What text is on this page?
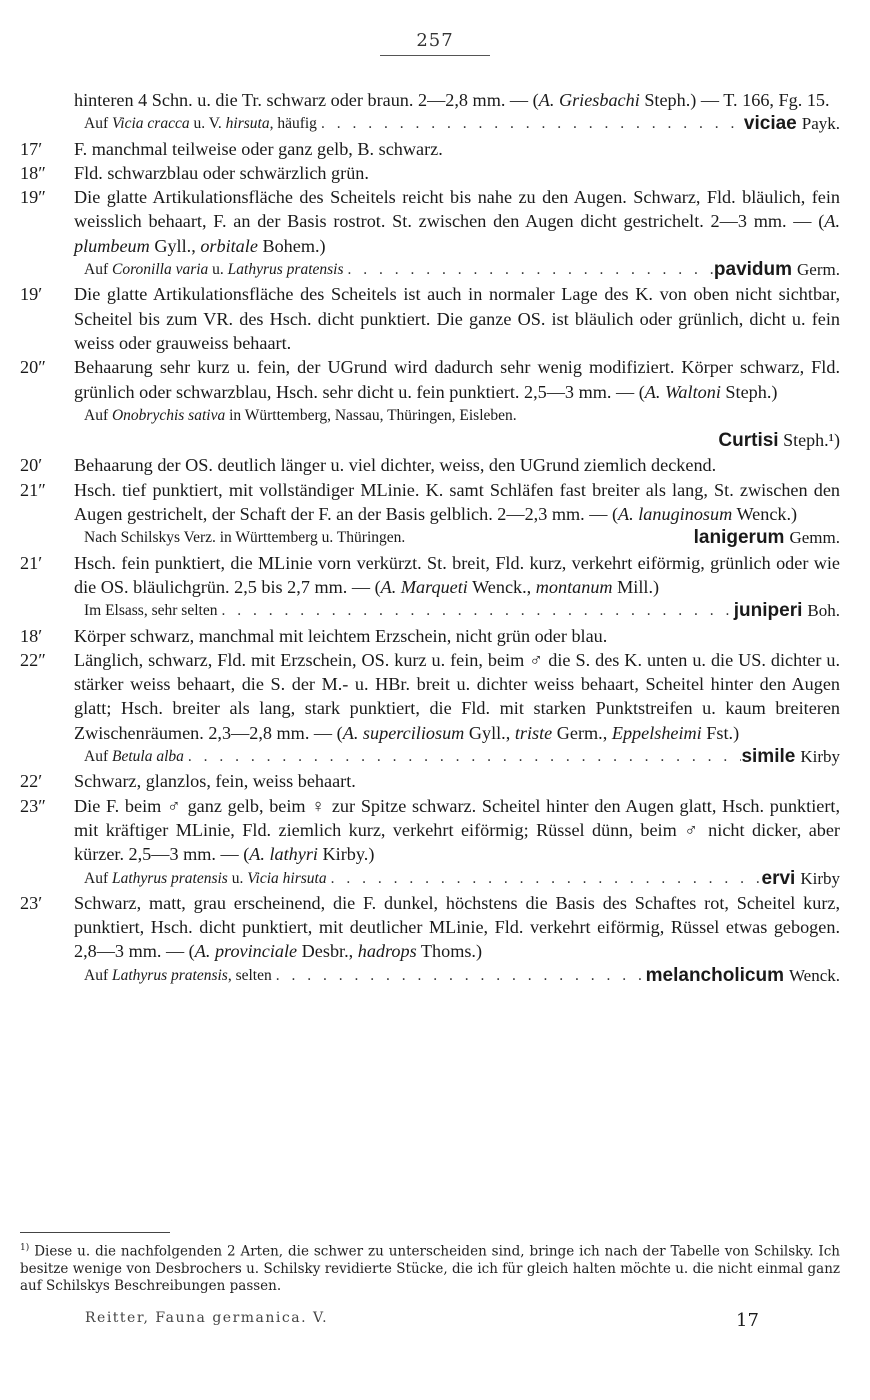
257
hinteren 4 Schn. u. die Tr. schwarz oder braun. 2—2,8 mm. — (A. Griesbachi Steph.) — T. 166, Fg. 15.
Auf Vicia cracca u. V. hirsuta, häufig . . .	viciae Payk.
17′	F. manchmal teilweise oder ganz gelb, B. schwarz.
18″	Fld. schwarzblau oder schwärzlich grün.
19″	Die glatte Artikulationsfläche des Scheitels reicht bis nahe zu den Augen. Schwarz, Fld. bläulich, fein weisslich behaart, F. an der Basis rostrot. St. zwischen den Augen dicht gestrichelt. 2—3 mm. — (A. plumbeum Gyll., orbitale Bohem.)
Auf Coronilla varia u. Lathyrus pratensis . . .	pavidum Germ.
19′	Die glatte Artikulationsfläche des Scheitels ist auch in normaler Lage des K. von oben nicht sichtbar, Scheitel bis zum VR. des Hsch. dicht punktiert. Die ganze OS. ist bläulich oder grünlich, dicht u. fein weiss oder grauweiss behaart.
20″	Behaarung sehr kurz u. fein, der UGrund wird dadurch sehr wenig modifiziert. Körper schwarz, Fld. grünlich oder schwarzblau, Hsch. sehr dicht u. fein punktiert. 2,5—3 mm. — (A. Waltoni Steph.)
Auf Onobrychis sativa in Württemberg, Nassau, Thüringen, Eisleben.
Curtisi Steph.¹)
20′	Behaarung der OS. deutlich länger u. viel dichter, weiss, den UGrund ziemlich deckend.
21″	Hsch. tief punktiert, mit vollständiger MLinie. K. samt Schläfen fast breiter als lang, St. zwischen den Augen gestrichelt, der Schaft der F. an der Basis gelblich. 2—2,3 mm. — (A. lanuginosum Wenck.)
Nach Schilskys Verz. in Württemberg u. Thüringen.	lanigerum Gemm.
21′	Hsch. fein punktiert, die MLinie vorn verkürzt. St. breit, Fld. kurz, verkehrt eiförmig, grünlich oder wie die OS. bläulichgrün. 2,5 bis 2,7 mm. — (A. Marqueti Wenck., montanum Mill.)
Im Elsass, sehr selten . . .	juniperi Boh.
18′	Körper schwarz, manchmal mit leichtem Erzschein, nicht grün oder blau.
22″	Länglich, schwarz, Fld. mit Erzschein, OS. kurz u. fein, beim ♂ die S. des K. unten u. die US. dichter u. stärker weiss behaart, die S. der M.- u. HBr. breit u. dichter weiss behaart, Scheitel hinter den Augen glatt; Hsch. breiter als lang, stark punktiert, die Fld. mit starken Punktstreifen u. kaum breiteren Zwischenräumen. 2,3—2,8 mm. — (A. superciliosum Gyll., triste Germ., Eppelsheimi Fst.)
Auf Betula alba . . .	simile Kirby
22′	Schwarz, glanzlos, fein, weiss behaart.
23″	Die F. beim ♂ ganz gelb, beim ♀ zur Spitze schwarz. Scheitel hinter den Augen glatt, Hsch. punktiert, mit kräftiger MLinie, Fld. ziemlich kurz, verkehrt eiförmig; Rüssel dünn, beim ♂ nicht dicker, aber kürzer. 2,5—3 mm. — (A. lathyri Kirby.)
Auf Lathyrus pratensis u. Vicia hirsuta . . .	ervi Kirby
23′	Schwarz, matt, grau erscheinend, die F. dunkel, höchstens die Basis des Schaftes rot, Scheitel kurz, punktiert, Hsch. dicht punktiert, mit deutlicher MLinie, Fld. verkehrt eiförmig, Rüssel etwas gebogen. 2,8—3 mm. — (A. provinciale Desbr., hadrops Thoms.)
Auf Lathyrus pratensis, selten . . .	melancholicum Wenck.
$^{1)}$ Diese u. die nachfolgenden 2 Arten, die schwer zu unterscheiden sind, bringe ich nach der Tabelle von Schilsky. Ich besitze wenige von Desbrochers u. Schilsky revidierte Stücke, die ich für gleich halten möchte u. die nicht einmal ganz auf Schilskys Beschreibungen passen.
Reitter, Fauna germanica. V.	17
